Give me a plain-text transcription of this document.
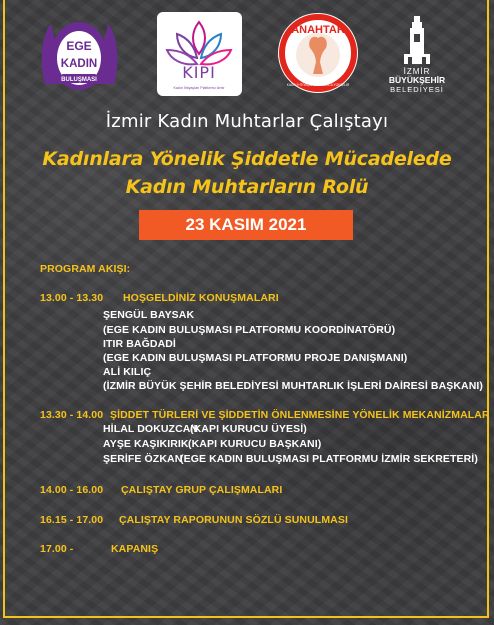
EGE
KADIN
BULUŞMASI	KIPI
Kadın İhtiyaçları Platformu İzmir
ANAHTAR
KADIN İHTİYAÇLARI BULUNCA YÜKSELİR
İZMİR
BÜYÜKŞEHİR
BELEDİYESİ
İzmir Kadın Muhtarlar Çalıştayı
Kadınlara Yönelik Şiddetle Mücadelede
Kadın Muhtarların Rolü
23 KASIM 2021
PROGRAM AKIŞI:
13.00 - 13.30 HOŞGELDİNİZ KONUŞMALARI
ŞENGÜL BAYSAK
(EGE KADIN BULUŞMASI PLATFORMU KOORDİNATÖRÜ)
ITIR BAĞDADİ
(EGE KADIN BULUŞMASI PLATFORMU PROJE DANIŞMANI)
ALİ KILIÇ
(İZMİR BÜYÜK ŞEHİR BELEDİYESİ MUHTARLIK İŞLERİ DAİRESİ BAŞKANI)
13.30 - 14.00 ŞİDDET TÜRLERİ VE ŞİDDETİN ÖNLENMESİNE YÖNELİK MEKANİZMALAR
HİLAL DOKUZCAN
(KAPI KURUCU ÜYESİ)
AYŞE KAŞIKIRIK (KAPI KURUCU BAŞKANI)
ŞERİFE ÖZKAN
(EGE KADIN BULUŞMASI PLATFORMU İZMİR SEKRETERİ)
14.00 - 16.00 ÇALIŞTAY GRUP ÇALIŞMALARI
16.15 - 17.00 ÇALIŞTAY RAPORUNUN SÖZLÜ SUNULMASI
17.00 -	KAPANIŞ
